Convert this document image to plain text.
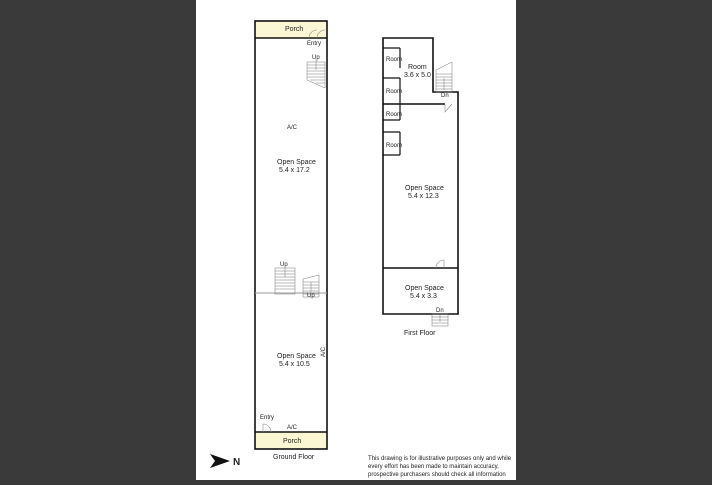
Porch
Entry
Up
A/C
Open Space
5.4 x 17.2
Up
Up
A/C
Open Space
5.4 x 10.5
Entry
A/C
Porch
Ground Floor
Room
Room
3.6 x 5.0
Room
Dn
Room
Room
Open Space
5.4 x 12.3
Open Space
5.4 x 3.3
Dn
First Floor
N	This drawing is for illustrative purposes only and while
every effort has been made to maintain accuracy,
prospective purchasers should check all information
